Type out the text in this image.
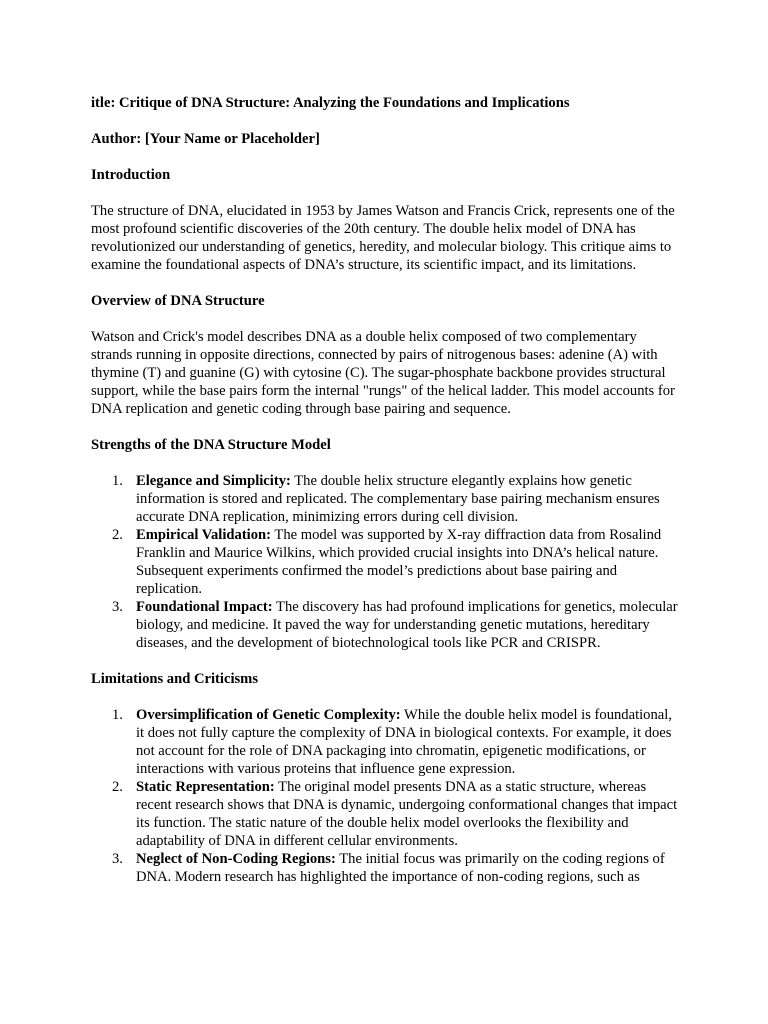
itle: Critique of DNA Structure: Analyzing the Foundations and Implications

Author: [Your Name or Placeholder]

Introduction

The structure of DNA, elucidated in 1953 by James Watson and Francis Crick, represents one of the most profound scientific discoveries of the 20th century. The double helix model of DNA has revolutionized our understanding of genetics, heredity, and molecular biology. This critique aims to examine the foundational aspects of DNA’s structure, its scientific impact, and its limitations.

Overview of DNA Structure

Watson and Crick's model describes DNA as a double helix composed of two complementary strands running in opposite directions, connected by pairs of nitrogenous bases: adenine (A) with thymine (T) and guanine (G) with cytosine (C). The sugar-phosphate backbone provides structural support, while the base pairs form the internal "rungs" of the helical ladder. This model accounts for DNA replication and genetic coding through base pairing and sequence.

Strengths of the DNA Structure Model

1. Elegance and Simplicity: The double helix structure elegantly explains how genetic information is stored and replicated. The complementary base pairing mechanism ensures accurate DNA replication, minimizing errors during cell division.
2. Empirical Validation: The model was supported by X-ray diffraction data from Rosalind Franklin and Maurice Wilkins, which provided crucial insights into DNA’s helical nature. Subsequent experiments confirmed the model’s predictions about base pairing and replication.
3. Foundational Impact: The discovery has had profound implications for genetics, molecular biology, and medicine. It paved the way for understanding genetic mutations, hereditary diseases, and the development of biotechnological tools like PCR and CRISPR.

Limitations and Criticisms

1. Oversimplification of Genetic Complexity: While the double helix model is foundational, it does not fully capture the complexity of DNA in biological contexts. For example, it does not account for the role of DNA packaging into chromatin, epigenetic modifications, or interactions with various proteins that influence gene expression.
2. Static Representation: The original model presents DNA as a static structure, whereas recent research shows that DNA is dynamic, undergoing conformational changes that impact its function. The static nature of the double helix model overlooks the flexibility and adaptability of DNA in different cellular environments.
3. Neglect of Non-Coding Regions: The initial focus was primarily on the coding regions of DNA. Modern research has highlighted the importance of non-coding regions, such as
